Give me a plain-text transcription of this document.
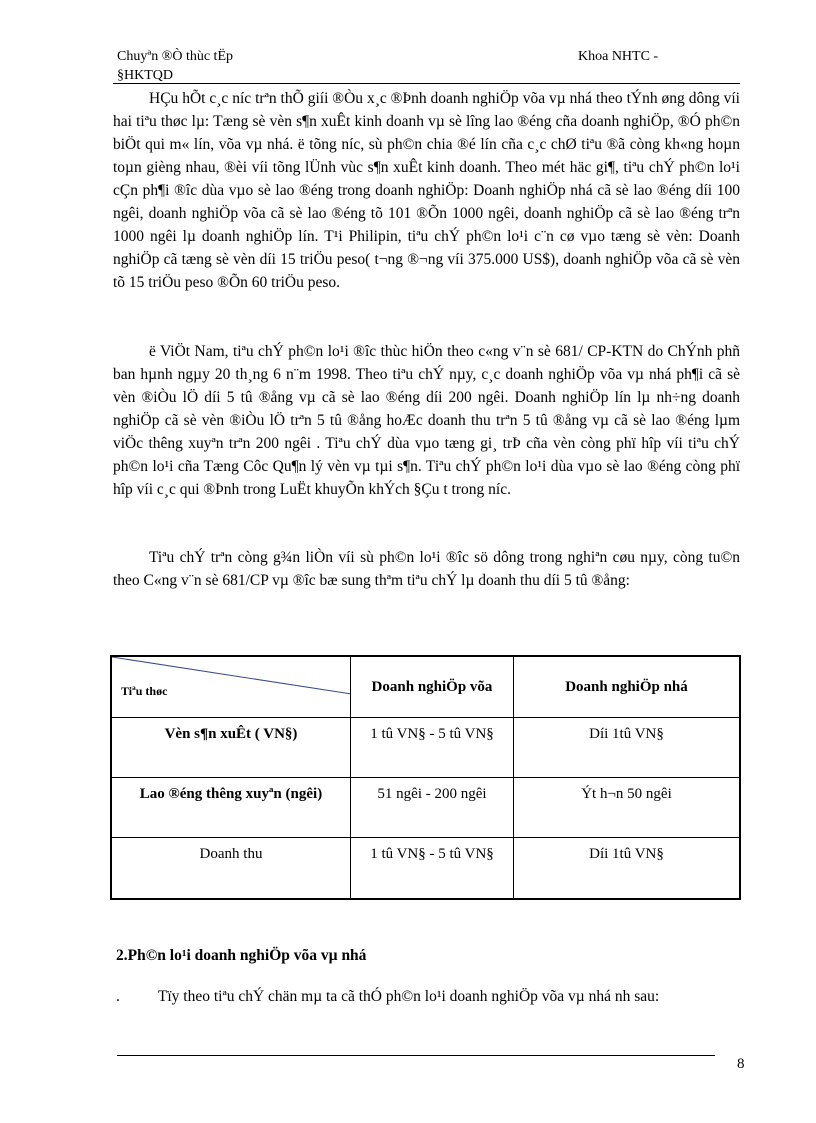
Chuyªn ®Ò thùc tËp
§HKTQD
Khoa NHTC -

HÇu hÕt c¸c níc trªn thÕ giíi ®Òu x¸c ®Þnh doanh nghiÖp võa vµ nhá theo tÝnh øng dông víi hai tiªu thøc lµ: Tæng sè vèn s¶n xuÊt kinh doanh vµ sè lîng lao ®éng cña doanh nghiÖp, ®Ó ph©n biÖt qui m« lín, võa vµ nhá. ë tõng níc, sù ph©n chia ®é lín cña c¸c chØ tiªu ®ã còng kh«ng hoµn toµn gièng nhau, ®èi víi tõng lÜnh vùc s¶n xuÊt kinh doanh. Theo mét häc gi¶, tiªu chÝ ph©n lo¹i cÇn ph¶i ®îc dùa vµo sè lao ®éng trong doanh nghiÖp: Doanh nghiÖp nhá cã sè lao ®éng díi 100 ngêi, doanh nghiÖp võa cã sè lao ®éng tõ 101 ®Õn 1000 ngêi, doanh nghiÖp cã sè lao ®éng trªn 1000 ngêi lµ doanh nghiÖp lín. T¹i Philipin, tiªu chÝ ph©n lo¹i c¨n cø vµo tæng sè vèn: Doanh nghiÖp cã tæng sè vèn díi 15 triÖu peso( t¬ng ®¬ng víi 375.000 US$), doanh nghiÖp võa cã sè vèn tõ 15 triÖu peso ®Õn 60 triÖu peso.

ë ViÖt Nam, tiªu chÝ ph©n lo¹i ®îc thùc hiÖn theo c«ng v¨n sè 681/ CP-KTN do ChÝnh phñ ban hµnh ngµy 20 th¸ng 6 n¨m 1998. Theo tiªu chÝ nµy, c¸c doanh nghiÖp võa vµ nhá ph¶i cã sè vèn ®iÒu lÖ díi 5 tû ®ång vµ cã sè lao ®éng díi 200 ngêi. Doanh nghiÖp lín lµ nh÷ng doanh nghiÖp cã sè vèn ®iÒu lÖ trªn 5 tû ®ång hoÆc doanh thu trªn 5 tû ®ång vµ cã sè lao ®éng lµm viÖc thêng xuyªn trªn 200 ngêi . Tiªu chÝ dùa vµo tæng gi¸ trÞ cña vèn còng phï hîp víi tiªu chÝ ph©n lo¹i cña Tæng Côc Qu¶n lý vèn vµ tµi s¶n. Tiªu chÝ ph©n lo¹i dùa vµo sè lao ®éng còng phï hîp víi c¸c qui ®Þnh trong LuËt khuyÕn khÝch §Çu t trong níc.

Tiªu chÝ trªn còng g¾n liÒn víi sù ph©n lo¹i ®îc sö dông trong nghiªn cøu nµy, còng tu©n theo C«ng v¨n sè 681/CP vµ ®îc bæ sung thªm tiªu chÝ lµ doanh thu díi 5 tû ®ång:

Tiªu thøc	Doanh nghiÖp võa	Doanh nghiÖp nhá
Vèn s¶n xuÊt ( VN§)	1 tû VN§ - 5 tû VN§	Díi 1tû VN§
Lao ®éng thêng xuyªn (ngêi)	51 ngêi - 200 ngêi	Ýt h¬n 50 ngêi
Doanh thu	1 tû VN§ - 5 tû VN§	Díi 1tû VN§

2.Ph©n lo¹i doanh nghiÖp võa vµ nhá

. Tïy theo tiªu chÝ chän mµ ta cã thÓ ph©n lo¹i doanh nghiÖp võa vµ nhá nh sau:

8
